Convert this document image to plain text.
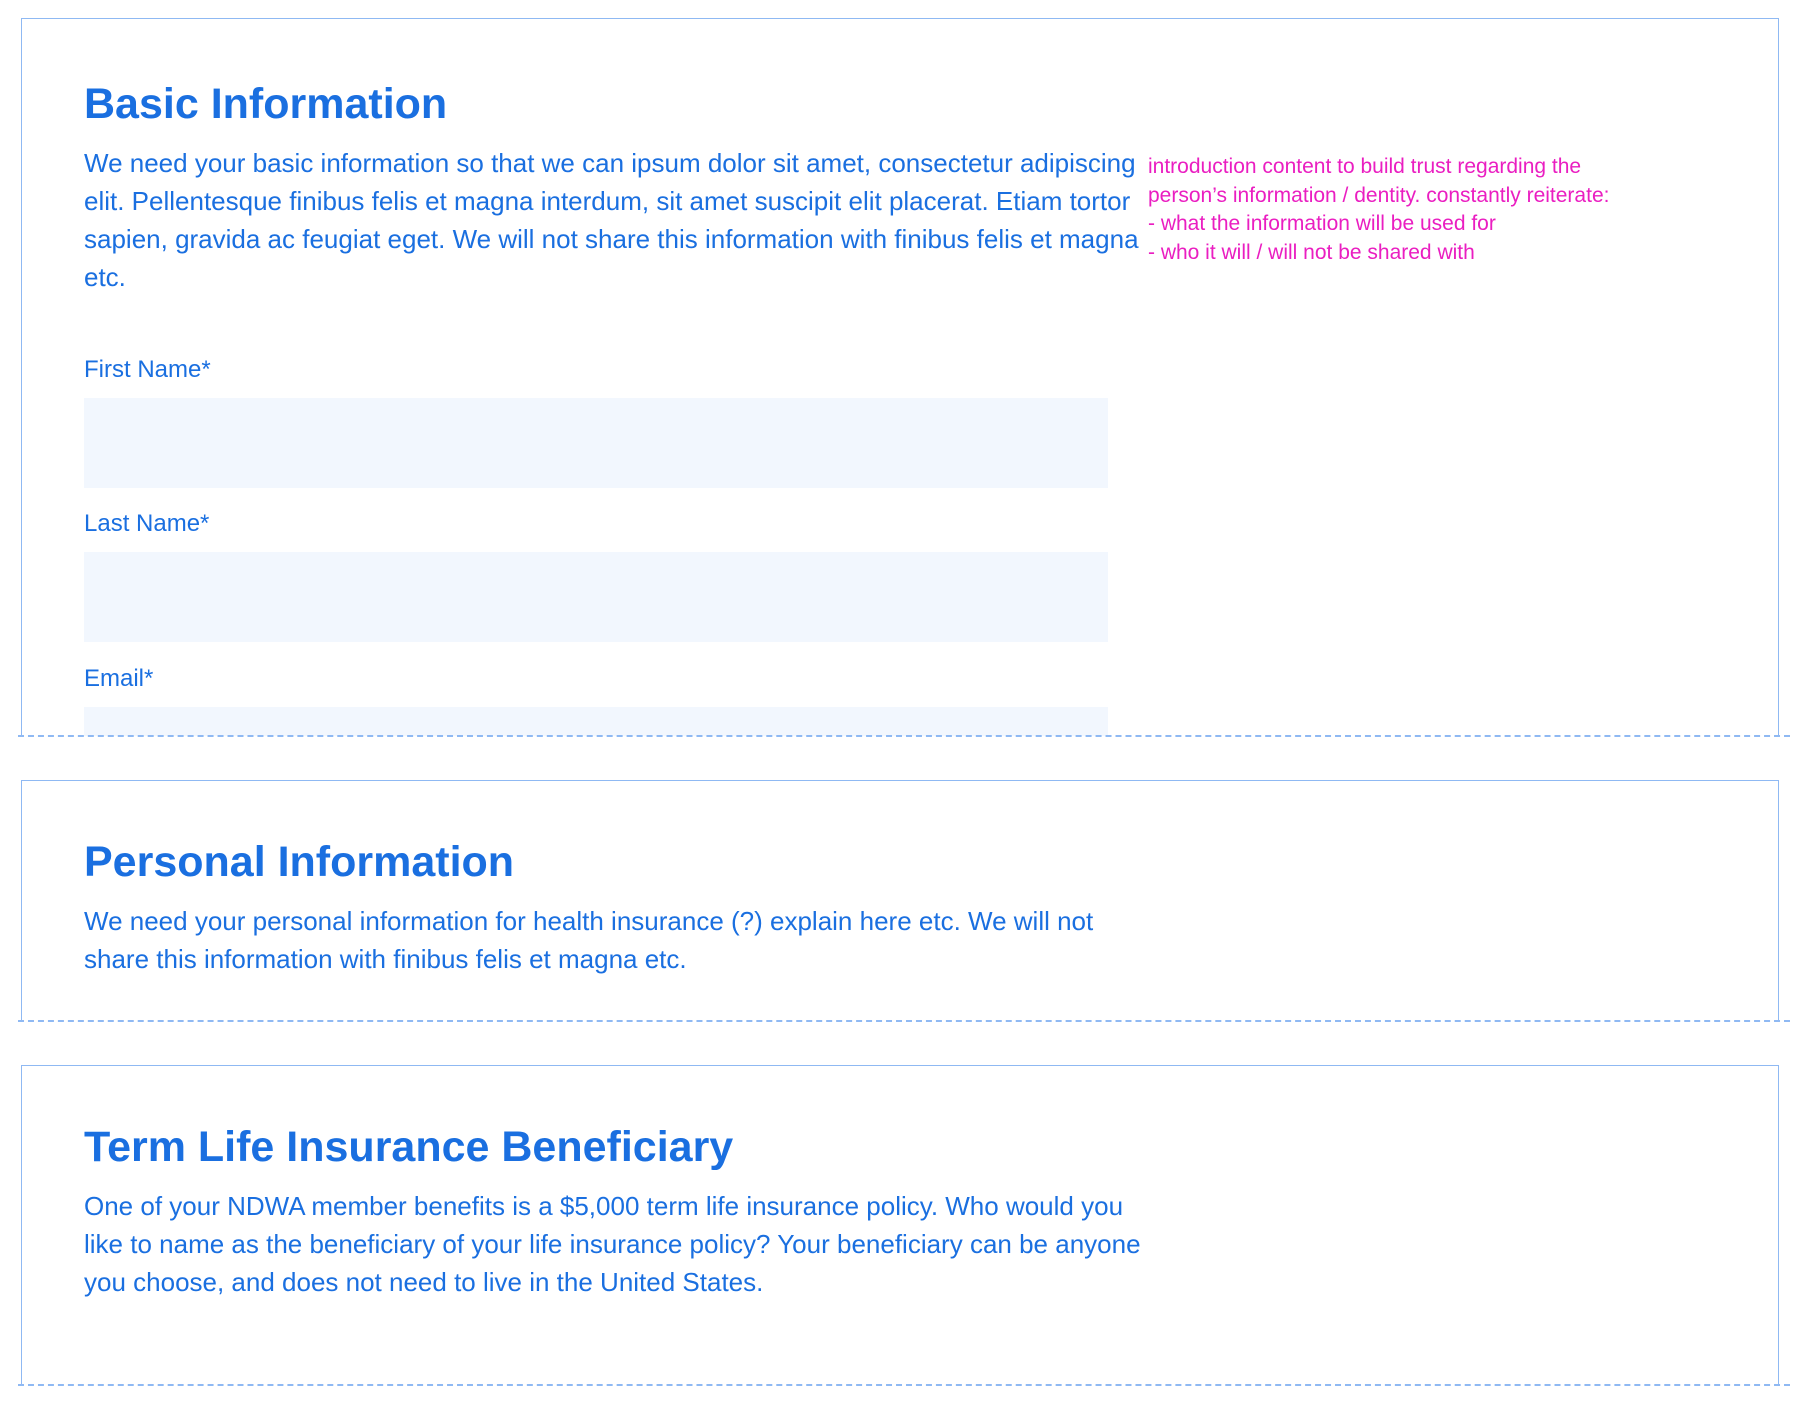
Basic Information

We need your basic information so that we can ipsum dolor sit amet, consectetur adipiscing elit. Pellentesque finibus felis et magna interdum, sit amet suscipit elit placerat. Etiam tortor sapien, gravida ac feugiat eget. We will not share this information with finibus felis et magna etc.

introduction content to build trust regarding the
person’s information / dentity. constantly reiterate:
- what the information will be used for
- who it will / will not be shared with
First Name*
Last Name*
Email*
Personal Information

We need your personal information for health insurance (?) explain here etc. We will not share this information with finibus felis et magna etc.

Term Life Insurance Beneficiary

One of your NDWA member benefits is a $5,000 term life insurance policy. Who would you like to name as the beneficiary of your life insurance policy? Your beneficiary can be anyone you choose, and does not need to live in the United States.
